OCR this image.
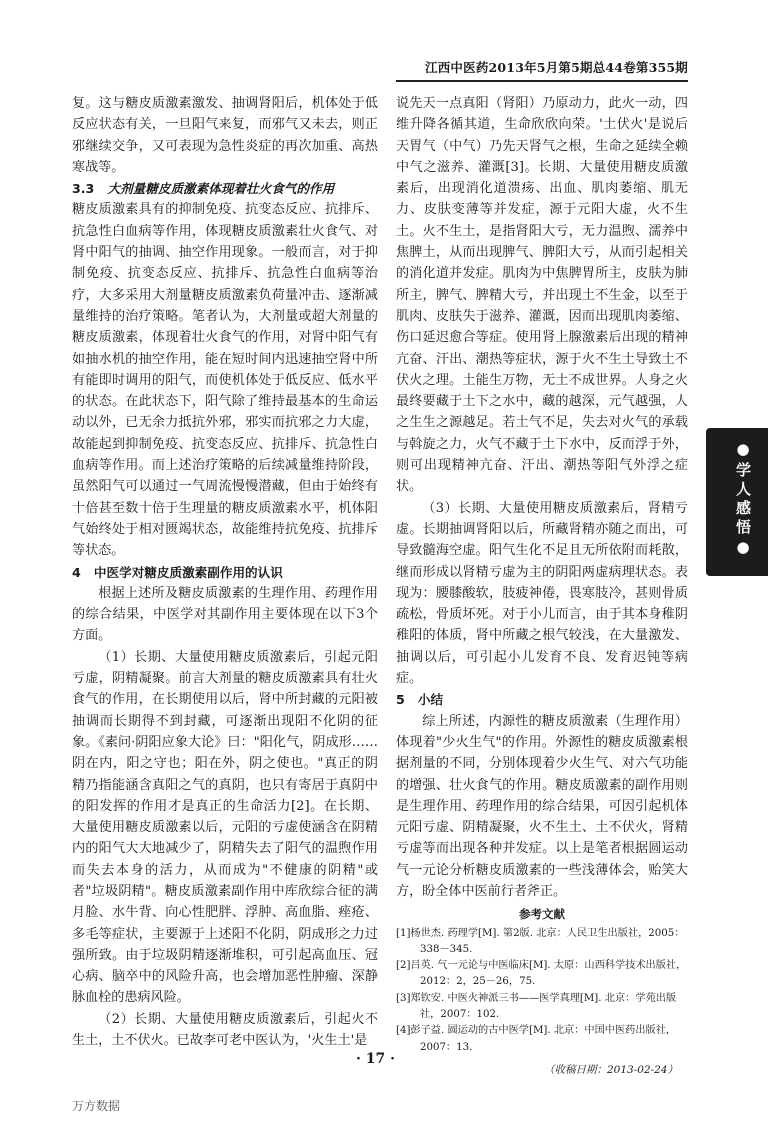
江西中医药2013年5月第5期总44卷第355期

复。这与糖皮质激素激发、抽调肾阳后，机体处于低反应状态有关，一旦阳气来复，而邪气又未去，则正邪继续交争，又可表现为急性炎症的再次加重、高热寒战等。

3.3 大剂量糖皮质激素体现着壮火食气的作用

糖皮质激素具有的抑制免疫、抗变态反应、抗排斥、抗急性白血病等作用，体现糖皮质激素壮火食气、对肾中阳气的抽调、抽空作用现象。一般而言，对于抑制免疫、抗变态反应、抗排斥、抗急性白血病等治疗，大多采用大剂量糖皮质激素负荷量冲击、逐渐减量维持的治疗策略。笔者认为，大剂量或超大剂量的糖皮质激素，体现着壮火食气的作用，对肾中阳气有如抽水机的抽空作用，能在短时间内迅速抽空肾中所有能即时调用的阳气，而使机体处于低反应、低水平的状态。在此状态下，阳气除了维持最基本的生命运动以外，已无余力抵抗外邪，邪实而抗邪之力大虚，故能起到抑制免疫、抗变态反应、抗排斥、抗急性白血病等作用。而上述治疗策略的后续减量维持阶段，虽然阳气可以通过一气周流慢慢潜藏，但由于始终有十倍甚至数十倍于生理量的糖皮质激素水平，机体阳气始终处于相对匮竭状态，故能维持抗免疫、抗排斥等状态。

4 中医学对糖皮质激素副作用的认识

根据上述所及糖皮质激素的生理作用、药理作用的综合结果，中医学对其副作用主要体现在以下3个方面。

（1）长期、大量使用糖皮质激素后，引起元阳亏虚，阴精凝聚。前言大剂量的糖皮质激素具有壮火食气的作用，在长期使用以后，肾中所封藏的元阳被抽调而长期得不到封藏，可逐渐出现阳不化阴的征象。《素问·阴阳应象大论》曰："阳化气，阴成形……阴在内，阳之守也；阳在外，阴之使也。"真正的阴精乃指能涵含真阳之气的真阴，也只有寄居于真阴中的阳发挥的作用才是真正的生命活力[2]。在长期、大量使用糖皮质激素以后，元阳的亏虚使涵含在阴精内的阳气大大地减少了，阴精失去了阳气的温煦作用而失去本身的活力，从而成为"不健康的阴精"或者"垃圾阴精"。糖皮质激素副作用中库欣综合征的满月脸、水牛背、向心性肥胖、浮肿、高血脂、痤疮、多毛等症状，主要源于上述阳不化阴，阴成形之力过强所致。由于垃圾阴精逐渐堆积，可引起高血压、冠心病、脑卒中的风险升高，也会增加恶性肿瘤、深静脉血栓的患病风险。

（2）长期、大量使用糖皮质激素后，引起火不生土，土不伏火。已故李可老中医认为，'火生土'是

说先天一点真阳（肾阳）乃原动力，此火一动，四维升降各循其道，生命欣欣向荣。'土伏火'是说后天胃气（中气）乃先天肾气之根，生命之延续全赖中气之滋养、灌溉[3]。长期、大量使用糖皮质激素后，出现消化道溃疡、出血、肌肉萎缩、肌无力、皮肤变薄等并发症，源于元阳大虚，火不生土。火不生土，是指肾阳大亏，无力温煦、濡养中焦脾土，从而出现脾气、脾阳大亏，从而引起相关的消化道并发症。肌肉为中焦脾胃所主，皮肤为肺所主，脾气、脾精大亏，并出现土不生金，以至于肌肉、皮肤失于滋养、灌溉，因而出现肌肉萎缩、伤口延迟愈合等症。使用肾上腺激素后出现的精神亢奋、汗出、潮热等症状，源于火不生土导致土不伏火之理。土能生万物，无土不成世界。人身之火最终要藏于土下之水中，藏的越深，元气越强，人之生生之源越足。若土气不足，失去对火气的承载与斡旋之力，火气不藏于土下水中，反而浮于外，则可出现精神亢奋、汗出、潮热等阳气外浮之症状。

（3）长期、大量使用糖皮质激素后，肾精亏虚。长期抽调肾阳以后，所藏肾精亦随之而出，可导致髓海空虚。阳气生化不足且无所依附而耗散，继而形成以肾精亏虚为主的阴阳两虚病理状态。表现为：腰膝酸软，肢疲神倦，畏寒肢冷，甚则骨质疏松，骨质坏死。对于小儿而言，由于其本身稚阴稚阳的体质，肾中所藏之根气较浅，在大量激发、抽调以后，可引起小儿发育不良、发育迟钝等病症。

5 小结

综上所述，内源性的糖皮质激素（生理作用）体现着"少火生气"的作用。外源性的糖皮质激素根据剂量的不同，分别体现着少火生气、对六气功能的增强、壮火食气的作用。糖皮质激素的副作用则是生理作用、药理作用的综合结果，可因引起机体元阳亏虚、阴精凝聚，火不生土、土不伏火，肾精亏虚等而出现各种并发症。以上是笔者根据圆运动气一元论分析糖皮质激素的一些浅薄体会，贻笑大方，盼全体中医前行者斧正。

参考文献

[1]杨世杰. 药理学[M]. 第2版. 北京：人民卫生出版社，2005：338－345.
[2]吕英. 气一元论与中医临床[M]. 太原：山西科学技术出版社，2012：2，25－26，75.
[3]郑钦安. 中医火神派三书——医学真理[M]. 北京：学苑出版社，2007：102.
[4]彭子益. 圆运动的古中医学[M]. 北京：中国中医药出版社，2007：13.

（收稿日期：2013-02-24）

●学人感悟●
· 17 ·
万方数据
